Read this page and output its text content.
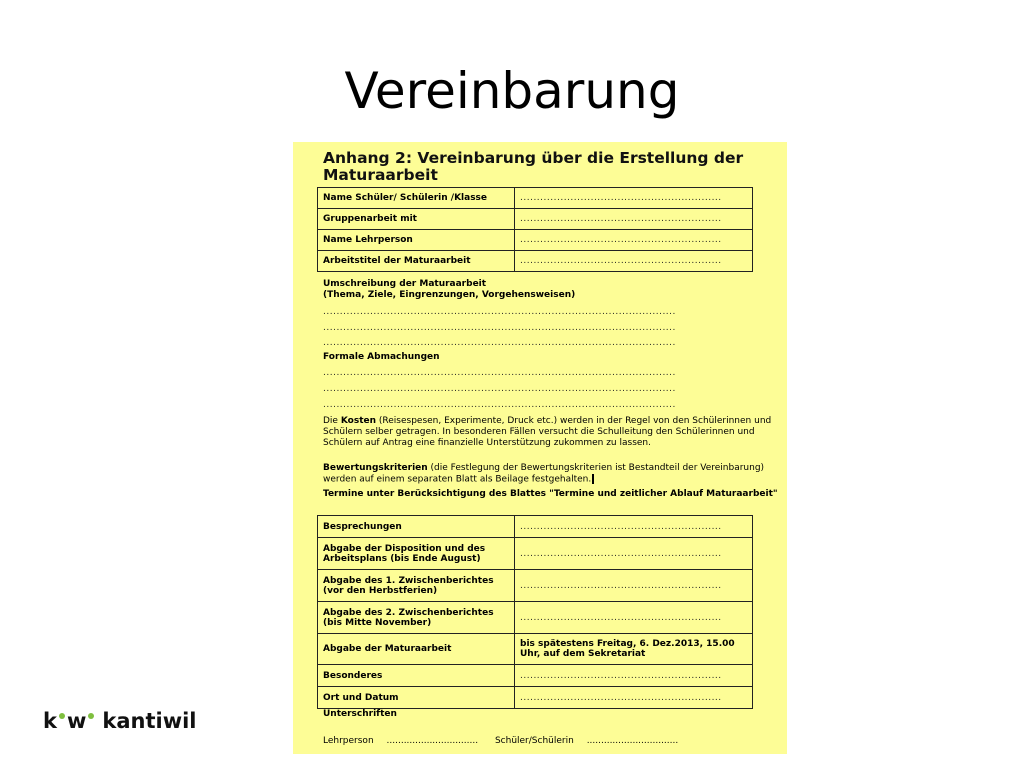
Vereinbarung
Anhang 2: Vereinbarung über die Erstellung der Maturaarbeit
Name Schüler/ Schülerin /Klasse	............................................................
Gruppenarbeit mit	............................................................
Name Lehrperson	............................................................
Arbeitstitel der Maturaarbeit	............................................................
Umschreibung der Maturaarbeit
(Thema, Ziele, Eingrenzungen, Vorgehensweisen)
.........................................................................................................
.........................................................................................................
.........................................................................................................
Formale Abmachungen
.........................................................................................................
.........................................................................................................
.........................................................................................................
Die Kosten (Reisespesen, Experimente, Druck etc.) werden in der Regel von den Schülerinnen und Schülern selber getragen. In besonderen Fällen versucht die Schulleitung den Schülerinnen und Schülern auf Antrag eine finanzielle Unterstützung zukommen zu lassen.
Bewertungskriterien (die Festlegung der Bewertungskriterien ist Bestandteil der Vereinbarung) werden auf einem separaten Blatt als Beilage festgehalten.
Termine unter Berücksichtigung des Blattes "Termine und zeitlicher Ablauf Maturaarbeit"
Besprechungen	............................................................
Abgabe der Disposition und des Arbeitsplans (bis Ende August)	............................................................
Abgabe des 1. Zwischenberichtes (vor den Herbstferien)	............................................................
Abgabe des 2. Zwischenberichtes (bis Mitte November)	............................................................
Abgabe der Maturaarbeit	bis spätestens Freitag, 6. Dez.2013, 15.00 Uhr, auf dem Sekretariat
Besonderes	............................................................
Ort und Datum	............................................................
Unterschriften
Lehrperson ................................ Schüler/Schülerin ................................
k w kantiwil
